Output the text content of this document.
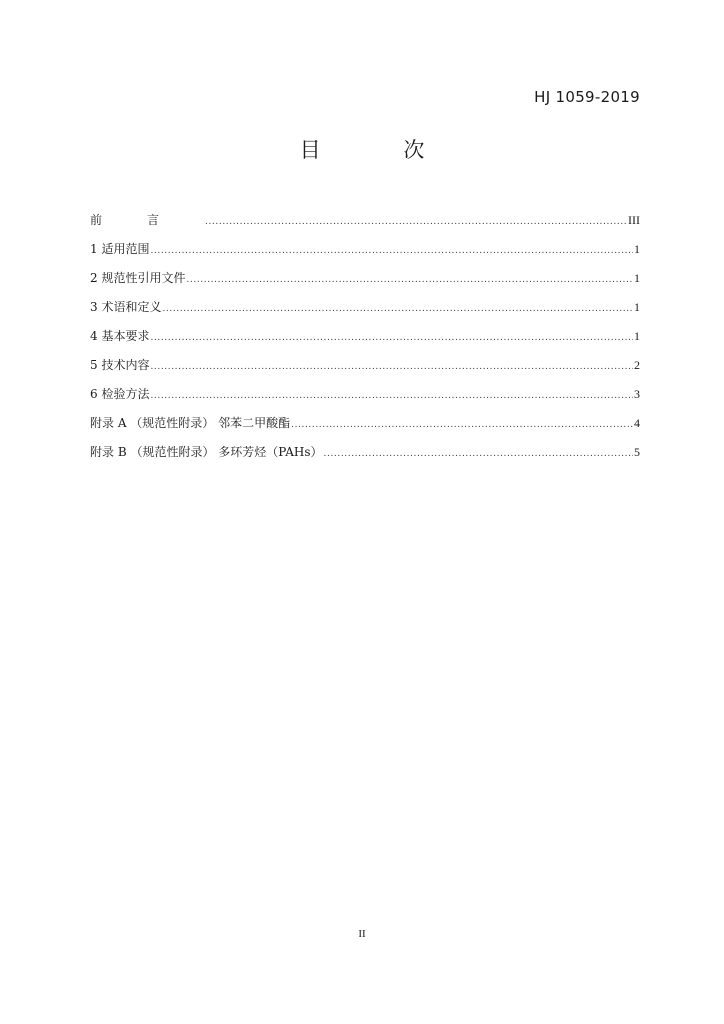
HJ 1059-2019
目 次
前言 .....	III
1 适用范围 .....	1
2 规范性引用文件 .....	1
3 术语和定义 .....	1
4 基本要求 .....	1
5 技术内容 .....	2
6 检验方法 .....	3
附录 A （规范性附录） 邻苯二甲酸酯 .....	4
附录 B （规范性附录） 多环芳烃（PAHs） .....	5
II
